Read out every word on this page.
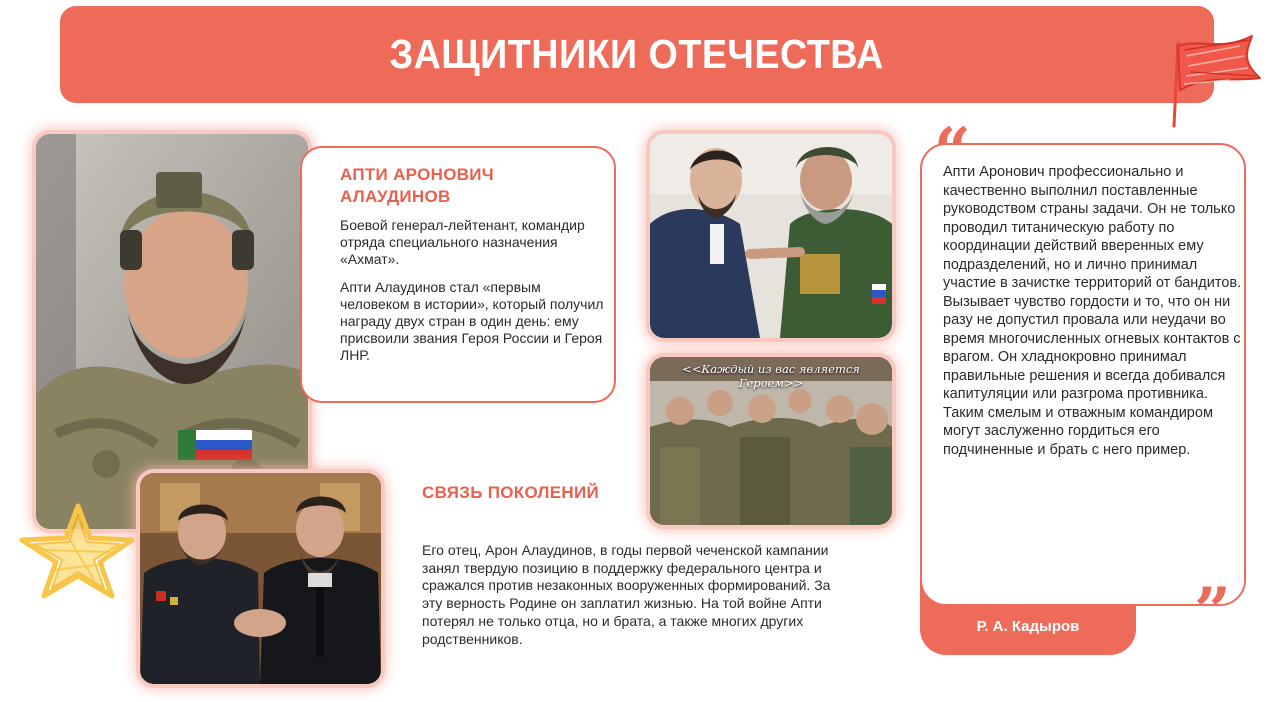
ЗАЩИТНИКИ ОТЕЧЕСТВА
АПТИ АРОНОВИЧ АЛАУДИНОВ
Боевой генерал-лейтенант, командир отряда специального назначения «Ахмат».
Апти Алаудинов стал «первым человеком в истории», который получил награду двух стран в один день: ему присвоили звания Героя России и Героя ЛНР.
<<Каждый из вас является Героем>>
СВЯЗЬ ПОКОЛЕНИЙ
Его отец, Арон Алаудинов, в годы первой чеченской кампании занял твердую позицию в поддержку федерального центра и сражался против незаконных вооруженных формирований. За эту верность Родине он заплатил жизнью. На той войне Апти потерял не только отца, но и брата, а также многих других родственников.
“
Апти Аронович профессионально и качественно выполнил поставленные руководством страны задачи. Он не только проводил титаническую работу по координации действий вверенных ему подразделений, но и лично принимал участие в зачистке территорий от бандитов. Вызывает чувство гордости и то, что он ни разу не допустил провала или неудачи во время многочисленных огневых контактов с врагом. Он хладнокровно принимал правильные решения и всегда добивался капитуляции или разгрома противника. Таким смелым и отважным командиром могут заслуженно гордиться его подчиненные и брать с него пример.
”
Р. А. Кадыров
